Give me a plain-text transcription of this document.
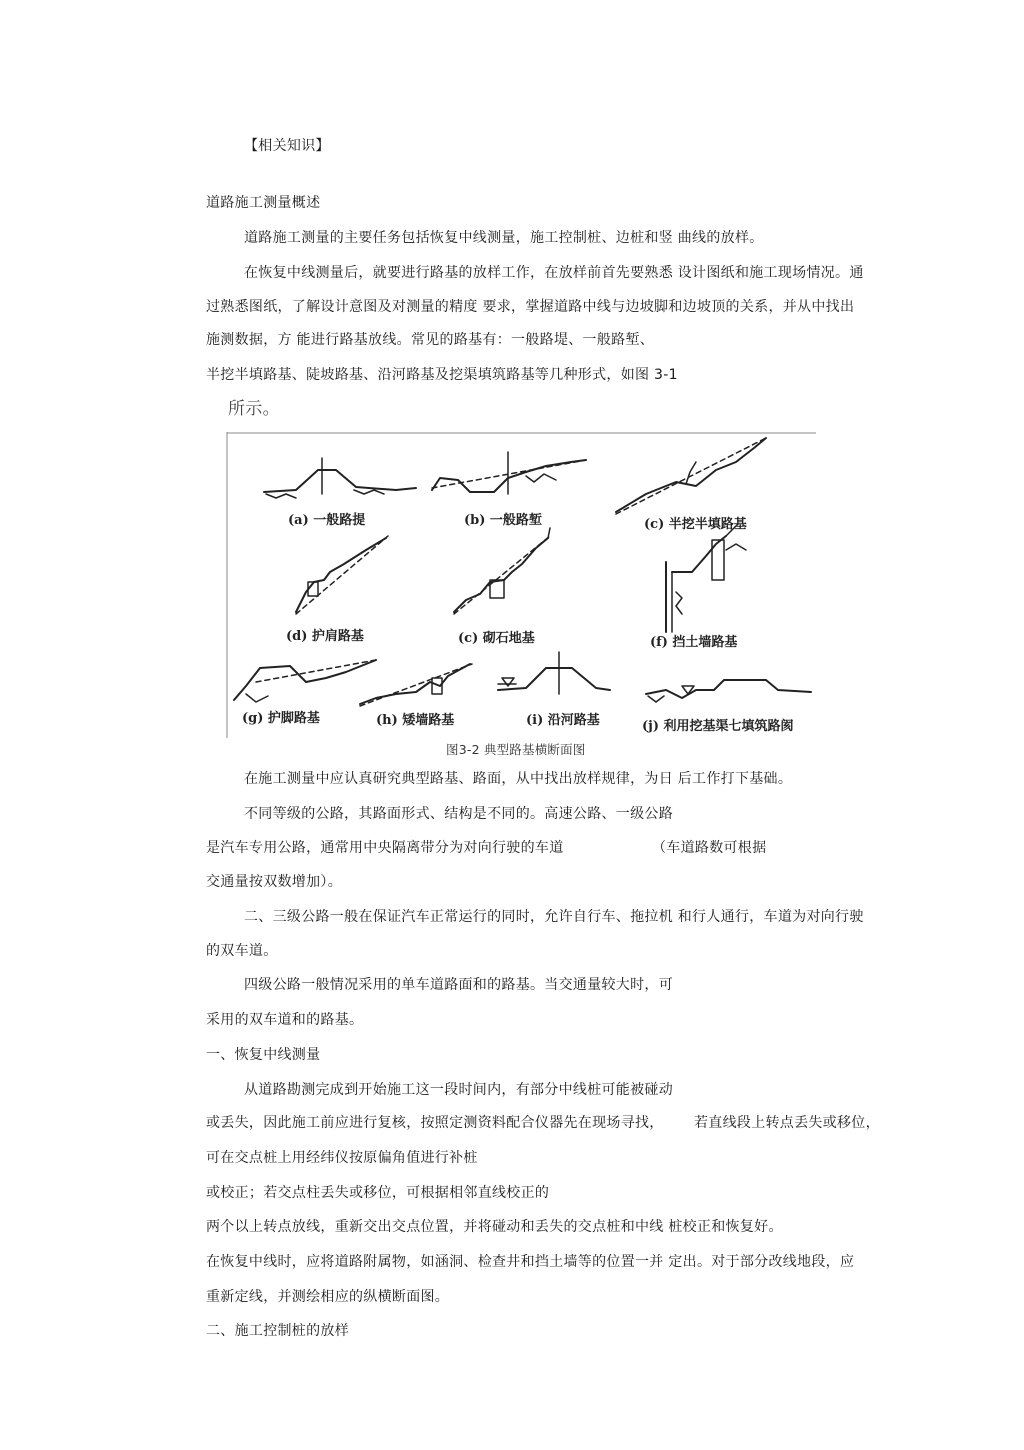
【相关知识】
道路施工测量概述
道路施工测量的主要任务包括恢复中线测量，施工控制桩、边桩和竖 曲线的放样。
在恢复中线测量后，就要进行路基的放样工作，在放样前首先要熟悉 设计图纸和施工现场情况。通
过熟悉图纸，了解设计意图及对测量的精度 要求，掌握道路中线与边坡脚和边坡顶的关系，并从中找出
施测数据，方 能进行路基放线。常见的路基有：一般路堤、一般路堑、
半挖半填路基、陡坡路基、沿河路基及挖渠填筑路基等几种形式，如图 3-1
所示。
(a) 一般路提	(b) 一般路堑	(c) 半挖半填路基
(d) 护肩路基	(c) 砌石地基	(f) 挡土墙路基
(g) 护脚路基	(h) 矮墙路基	(i) 沿河路基	(j) 利用挖基渠七填筑路阂
图3-2 典型路基横断面图
在施工测量中应认真研究典型路基、路面，从中找出放样规律，为日 后工作打下基础。
不同等级的公路，其路面形式、结构是不同的。高速公路、一级公路
是汽车专用公路，通常用中央隔离带分为对向行驶的车道	（车道路数可根据
交通量按双数增加）。
二、三级公路一般在保证汽车正常运行的同时，允许自行车、拖拉机 和行人通行，车道为对向行驶
的双车道。
四级公路一般情况采用的单车道路面和的路基。当交通量较大时，可
采用的双车道和的路基。
一、恢复中线测量
从道路勘测完成到开始施工这一段时间内，有部分中线桩可能被碰动
或丢失，因此施工前应进行复核，按照定测资料配合仪器先在现场寻找， 若直线段上转点丢失或移位，
可在交点桩上用经纬仪按原偏角值进行补桩
或校正；若交点柱丢失或移位，可根据相邻直线校正的
两个以上转点放线，重新交出交点位置，并将碰动和丢失的交点桩和中线 桩校正和恢复好。
在恢复中线时，应将道路附属物，如涵洞、检查井和挡土墙等的位置一并 定出。对于部分改线地段，应
重新定线，并测绘相应的纵横断面图。
二、施工控制桩的放样
